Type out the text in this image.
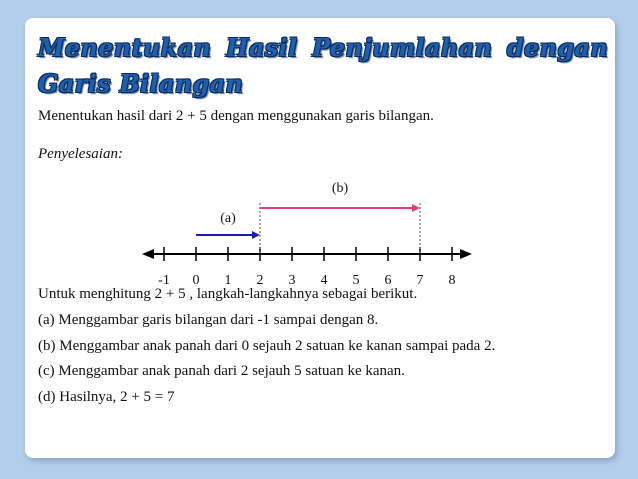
Menentukan Hasil Penjumlahan dengan Garis Bilangan

Menentukan hasil dari 2 + 5 dengan menggunakan garis bilangan.

Penyelesaian:

-1 0 1 2 3 4 5 6 7 8
(a)
(b)

Untuk menghitung 2 + 5 , langkah-langkahnya sebagai berikut.

(a) Menggambar garis bilangan dari -1 sampai dengan 8.

(b) Menggambar anak panah dari 0 sejauh 2 satuan ke kanan sampai pada 2.

(c) Menggambar anak panah dari 2 sejauh 5 satuan ke kanan.

(d) Hasilnya, 2 + 5 = 7
